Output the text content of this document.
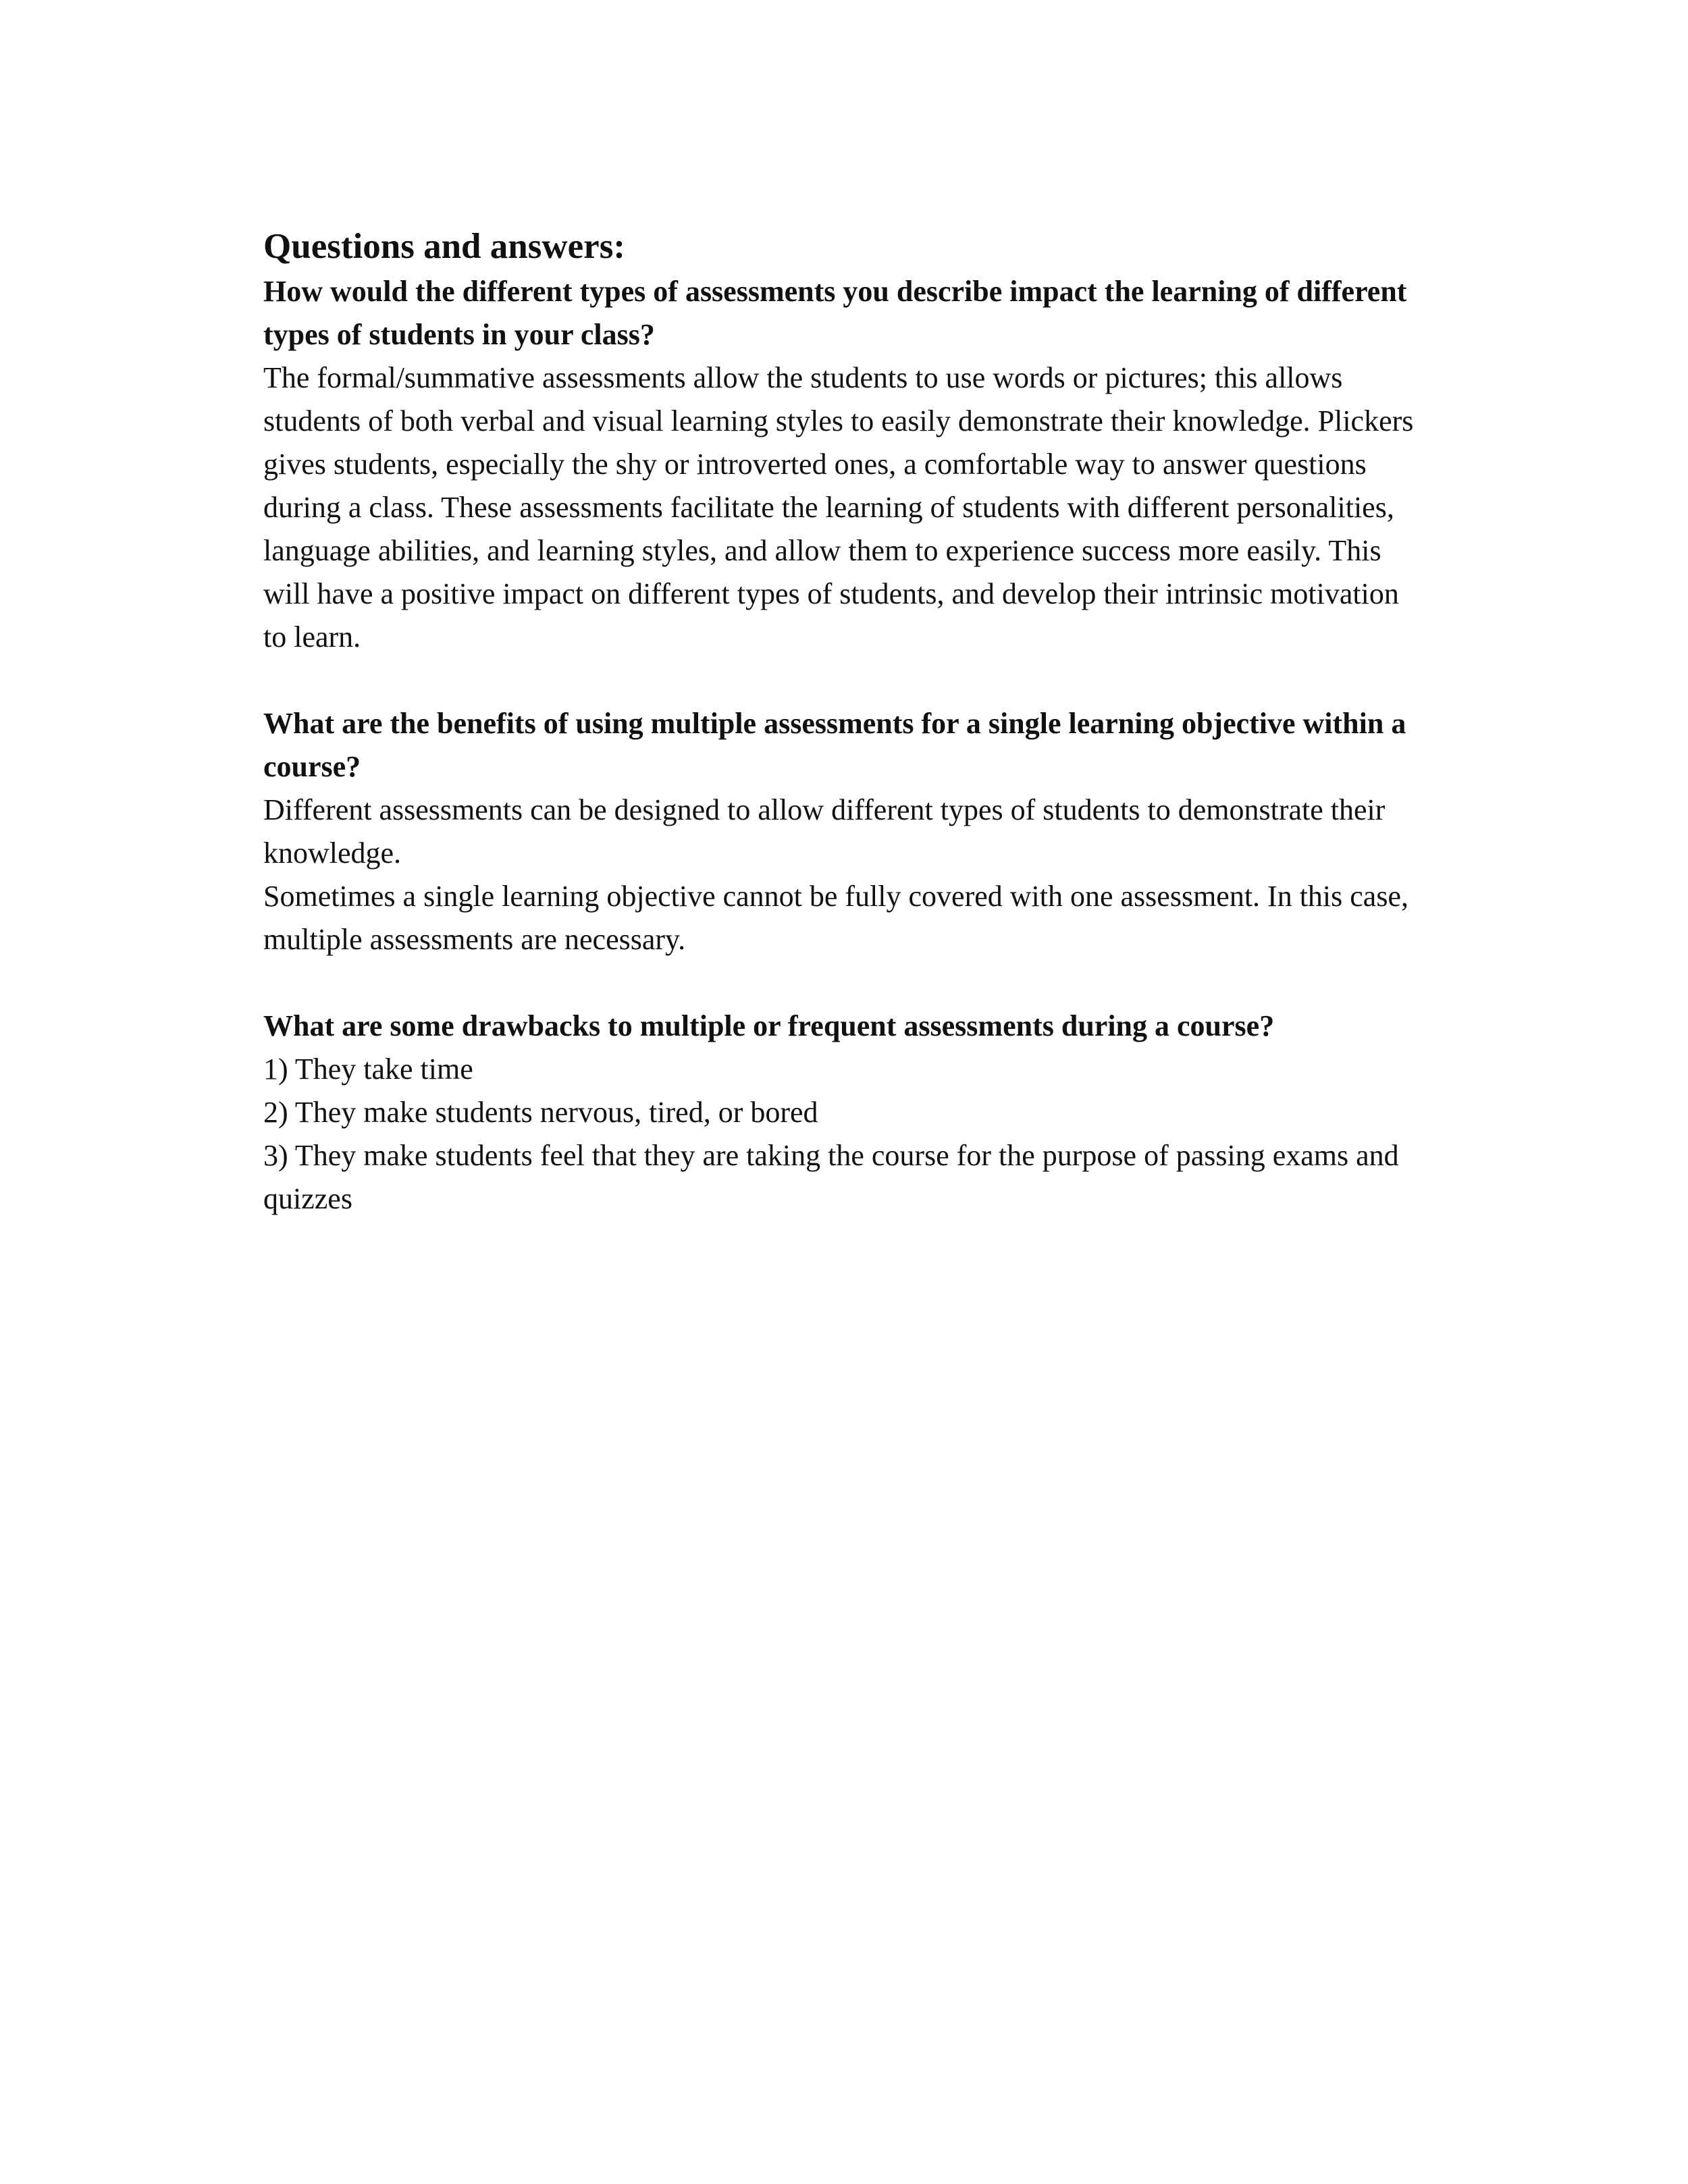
Questions and answers:

How would the different types of assessments you describe impact the learning of different types of students in your class?

The formal/summative assessments allow the students to use words or pictures; this allows students of both verbal and visual learning styles to easily demonstrate their knowledge. Plickers gives students, especially the shy or introverted ones, a comfortable way to answer questions during a class. These assessments facilitate the learning of students with different personalities, language abilities, and learning styles, and allow them to experience success more easily. This will have a positive impact on different types of students, and develop their intrinsic motivation to learn.

What are the benefits of using multiple assessments for a single learning objective within a course?

Different assessments can be designed to allow different types of students to demonstrate their knowledge.

Sometimes a single learning objective cannot be fully covered with one assessment. In this case, multiple assessments are necessary.

What are some drawbacks to multiple or frequent assessments during a course?

1) They take time

2) They make students nervous, tired, or bored

3) They make students feel that they are taking the course for the purpose of passing exams and quizzes
